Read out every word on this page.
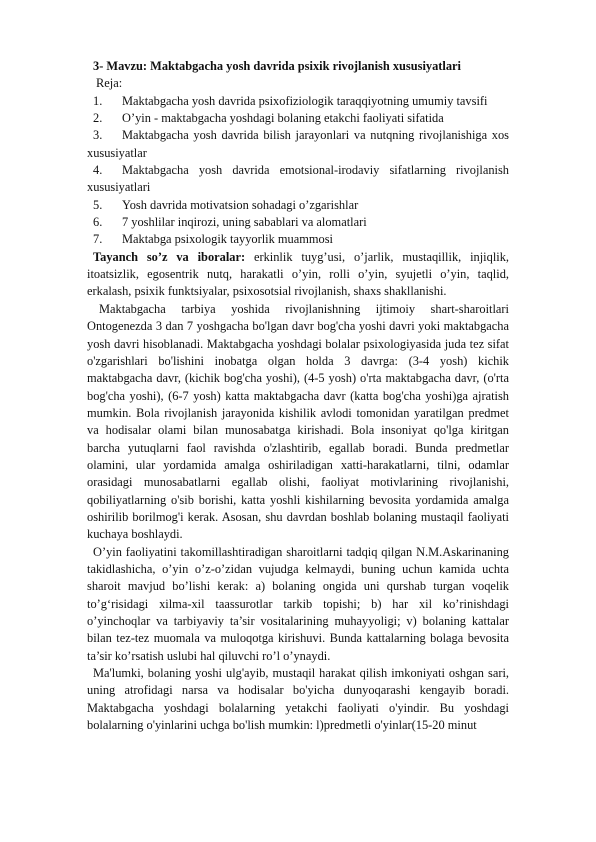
3- Mavzu: Maktabgacha yosh davrida psixik rivojlanish xususiyatlari

Reja:

1. Maktabgacha yosh davrida psixofiziologik taraqqiyotning umumiy tavsifi
2. O’yin - maktabgacha yoshdagi bolaning etakchi faoliyati sifatida
3. Maktabgacha yosh davrida bilish jarayonlari va nutqning rivojlanishiga xos xususiyatlar
4. Maktabgacha yosh davrida emotsional-irodaviy sifatlarning rivojlanish xususiyatlari
5. Yosh davrida motivatsion sohadagi o’zgarishlar
6. 7 yoshlilar inqirozi, uning sabablari va alomatlari
7. Maktabga psixologik tayyorlik muammosi

Tayanch so’z va iboralar: erkinlik tuyg’usi, o’jarlik, mustaqillik, injiqlik, itoatsizlik, egosentrik nutq, harakatli o’yin, rolli o’yin, syujetli o’yin, taqlid, erkalash, psixik funktsiyalar, psixosotsial rivojlanish, shaxs shakllanishi.

Maktabgacha tarbiya yoshida rivojlanishning ijtimoiy shart-sharoitlari Ontogenezda 3 dan 7 yoshgacha bo'lgan davr bog'cha yoshi davri yoki maktabgacha yosh davri hisoblanadi. Maktabgacha yoshdagi bolalar psixologiyasida juda tez sifat o'zgarishlari bo'lishini inobatga olgan holda 3 davrga: (3-4 yosh) kichik maktabgacha davr, (kichik bog'cha yoshi), (4-5 yosh) o'rta maktabgacha davr, (o'rta bog'cha yoshi), (6-7 yosh) katta maktabgacha davr (katta bog'cha yoshi)ga ajratish mumkin. Bola rivojlanish jarayonida kishilik avlodi tomonidan yaratilgan predmet va hodisalar olami bilan munosabatga kirishadi. Bola insoniyat qo'lga kiritgan barcha yutuqlarni faol ravishda o'zlashtirib, egallab boradi. Bunda predmetlar olamini, ular yordamida amalga oshiriladigan xatti-harakatlarni, tilni, odamlar orasidagi munosabatlarni egallab olishi, faoliyat motivlarining rivojlanishi, qobiliyatlarning o'sib borishi, katta yoshli kishilarning bevosita yordamida amalga oshirilib borilmog'i kerak. Asosan, shu davrdan boshlab bolaning mustaqil faoliyati kuchaya boshlaydi.

O’yin faoliyatini takomillashtiradigan sharoitlarni tadqiq qilgan N.M.Askarinaning takidlashicha, o’yin o’z-o’zidan vujudga kelmaydi, buning uchun kamida uchta sharoit mavjud bo’lishi kerak: a) bolaning ongida uni qurshab turgan voqelik to’g‘risidagi xilma-xil taassurotlar tarkib topishi; b) har xil ko’rinishdagi o’yinchoqlar va tarbiyaviy ta’sir vositalarining muhayyoligi; v) bolaning kattalar bilan tez-tez muomala va muloqotga kirishuvi. Bunda kattalarning bolaga bevosita ta’sir ko’rsatish uslubi hal qiluvchi ro’l o’ynaydi.

Ma'lumki, bolaning yoshi ulg'ayib, mustaqil harakat qilish imkoniyati oshgan sari, uning atrofidagi narsa va hodisalar bo'yicha dunyoqarashi kengayib boradi. Maktabgacha yoshdagi bolalarning yetakchi faoliyati o'yindir. Bu yoshdagi bolalarning o'yinlarini uchga bo'lish mumkin: l)predmetli o'yinlar(15-20 minut
